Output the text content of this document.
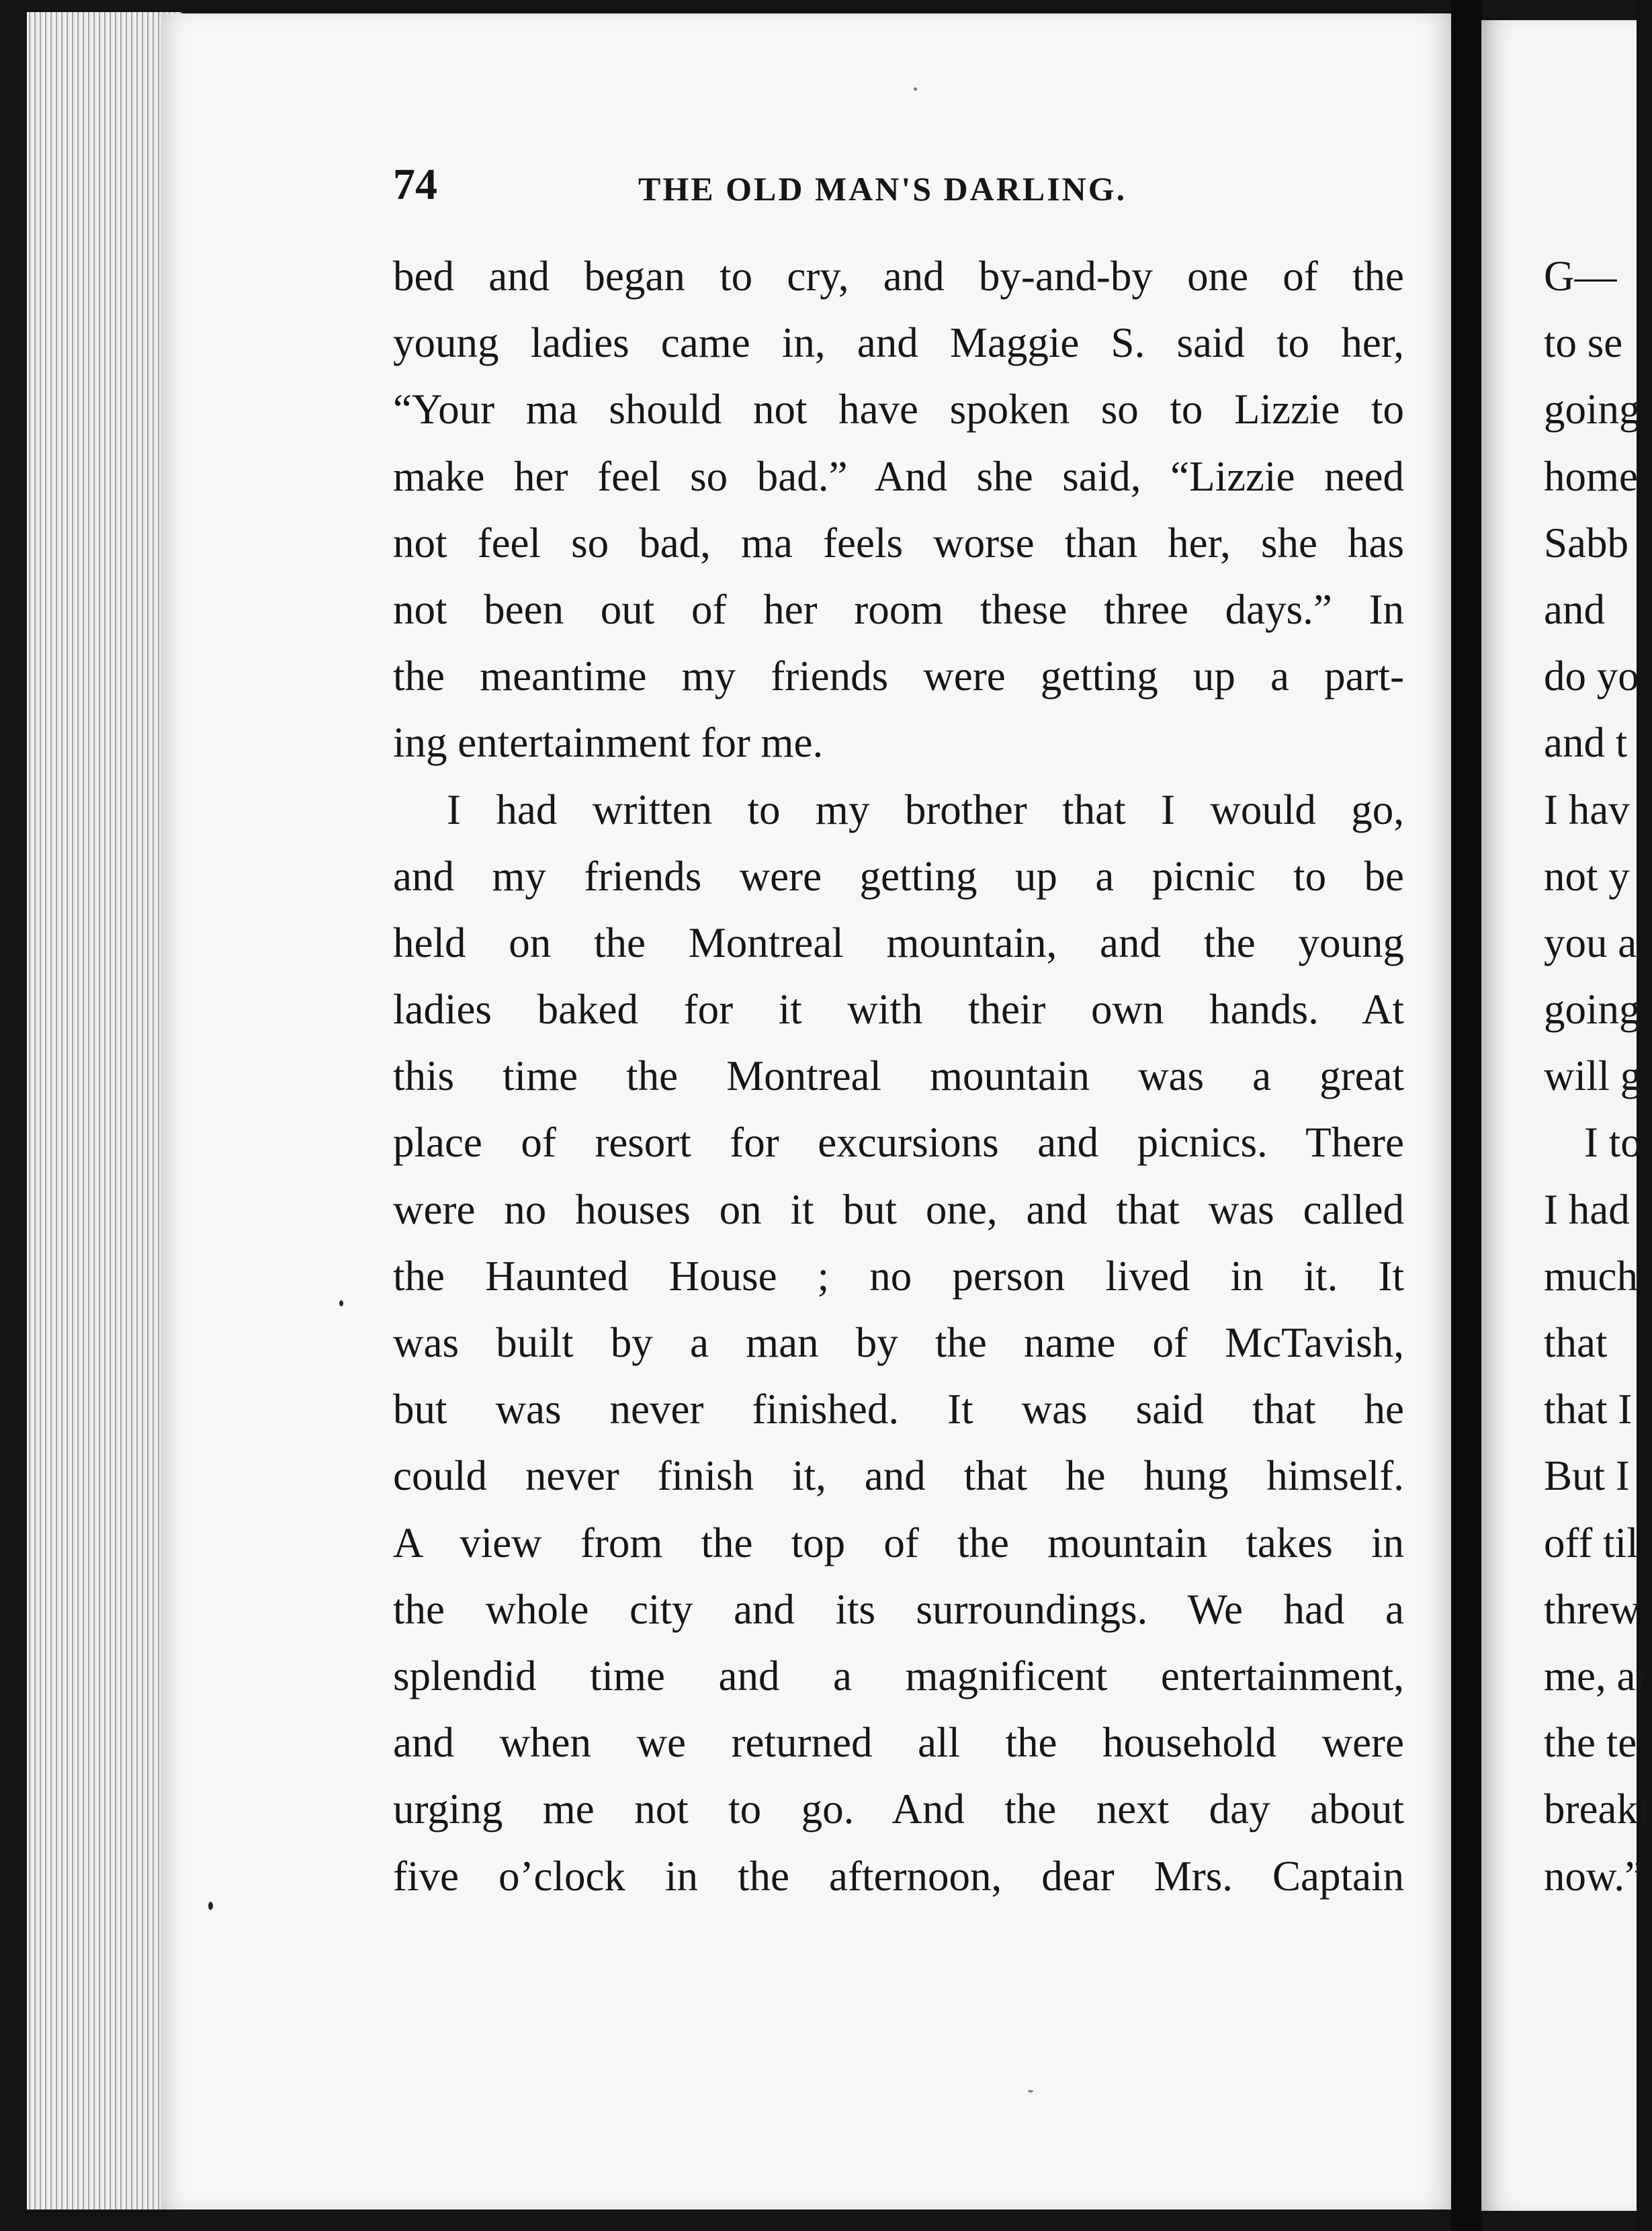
74	THE OLD MAN'S DARLING.
bed and began to cry, and by-and-by one of the
young ladies came in, and Maggie S. said to her,
“Your ma should not have spoken so to Lizzie to
make her feel so bad.” And she said, “Lizzie need
not feel so bad, ma feels worse than her, she has
not been out of her room these three days.” In
the meantime my friends were getting up a part-
ing entertainment for me.
I had written to my brother that I would go,
and my friends were getting up a picnic to be
held on the Montreal mountain, and the young
ladies baked for it with their own hands. At
this time the Montreal mountain was a great
place of resort for excursions and picnics. There
were no houses on it but one, and that was called
the Haunted House ; no person lived in it. It
was built by a man by the name of McTavish,
but was never finished. It was said that he
could never finish it, and that he hung himself.
A view from the top of the mountain takes in
the whole city and its surroundings. We had a
splendid time and a magnificent entertainment,
and when we returned all the household were
urging me not to go. And the next day about
five o’clock in the afternoon, dear Mrs. Captain
G—
to se
going
home
Sabb
and
do yo
and t
I hav
not y
you a
going
will g
I to
I had
much
that
that I
But I
off til
threw
me, ar
the te
breakf
now.”
